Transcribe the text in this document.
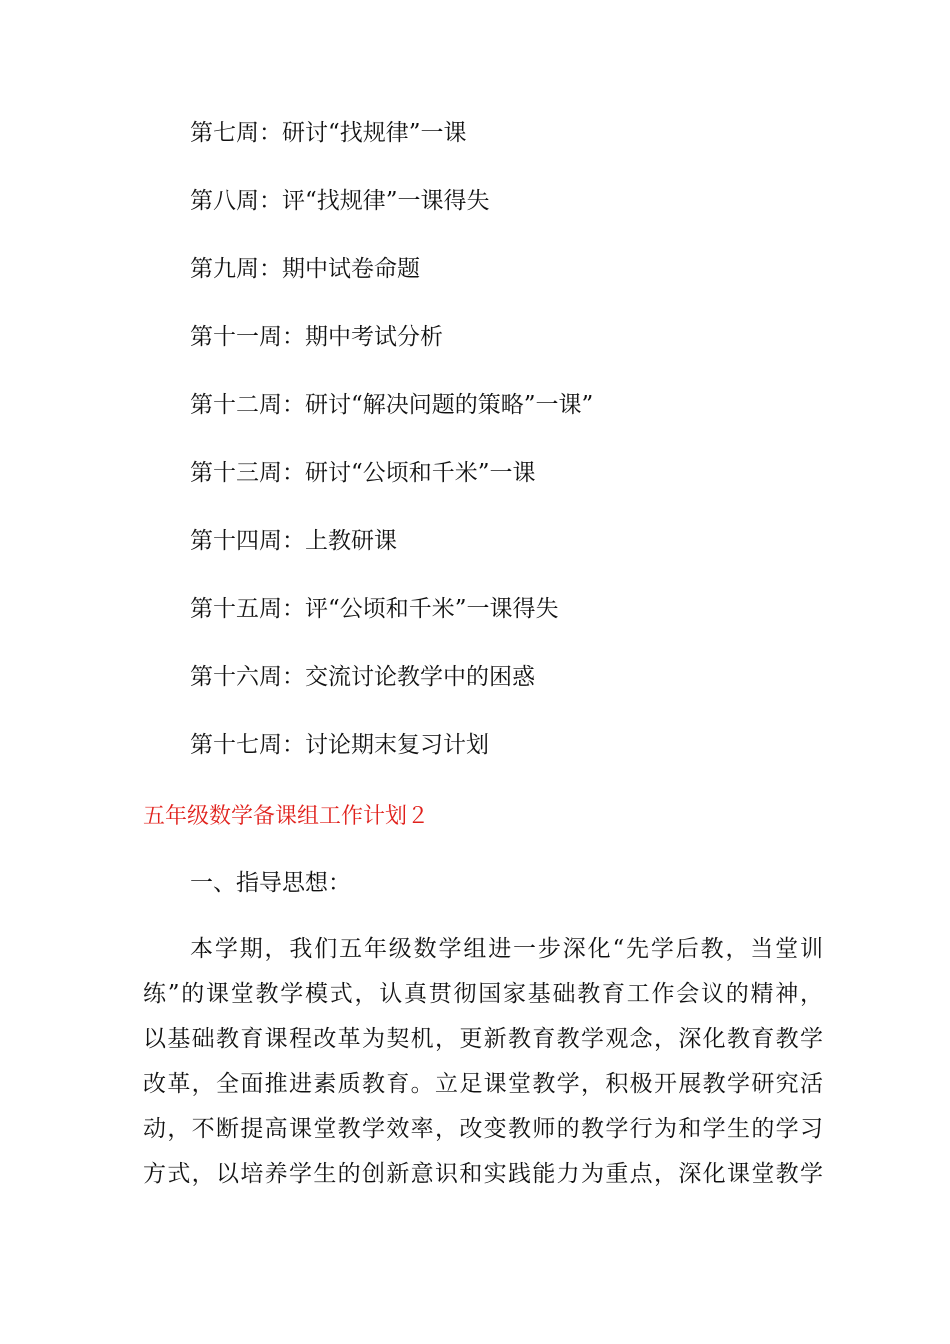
第七周：研讨“找规律”一课
第八周：评“找规律”一课得失
第九周：期中试卷命题
第十一周：期中考试分析
第十二周：研讨“解决问题的策略”一课”
第十三周：研讨“公顷和千米”一课
第十四周：上教研课
第十五周：评“公顷和千米”一课得失
第十六周：交流讨论教学中的困惑
第十七周：讨论期末复习计划
五年级数学备课组工作计划２
一、指导思想：
本学期，我们五年级数学组进一步深化“先学后教，当堂训
练”的课堂教学模式，认真贯彻国家基础教育工作会议的精神，
以基础教育课程改革为契机，更新教育教学观念，深化教育教学
改革，全面推进素质教育。立足课堂教学，积极开展教学研究活
动，不断提高课堂教学效率，改变教师的教学行为和学生的学习
方式，以培养学生的创新意识和实践能力为重点，深化课堂教学
